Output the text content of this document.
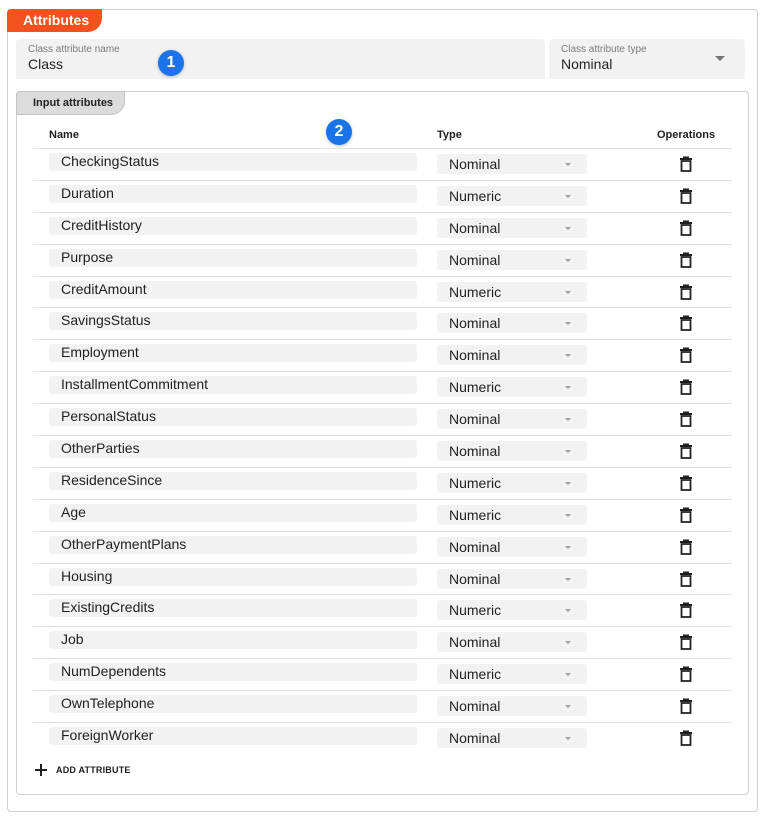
Attributes
Class attribute name
Class
Class attribute type
Nominal
Input attributes
Name	Type	Operations
1
2
CheckingStatus	Nominal
Duration	Numeric
CreditHistory	Nominal
Purpose	Nominal
CreditAmount	Numeric
SavingsStatus	Nominal
Employment	Nominal
InstallmentCommitment	Numeric
PersonalStatus	Nominal
OtherParties	Nominal
ResidenceSince	Numeric
Age	Numeric
OtherPaymentPlans	Nominal
Housing	Nominal
ExistingCredits	Numeric
Job	Nominal
NumDependents	Numeric
OwnTelephone	Nominal
ForeignWorker	Nominal
ADD ATTRIBUTE
